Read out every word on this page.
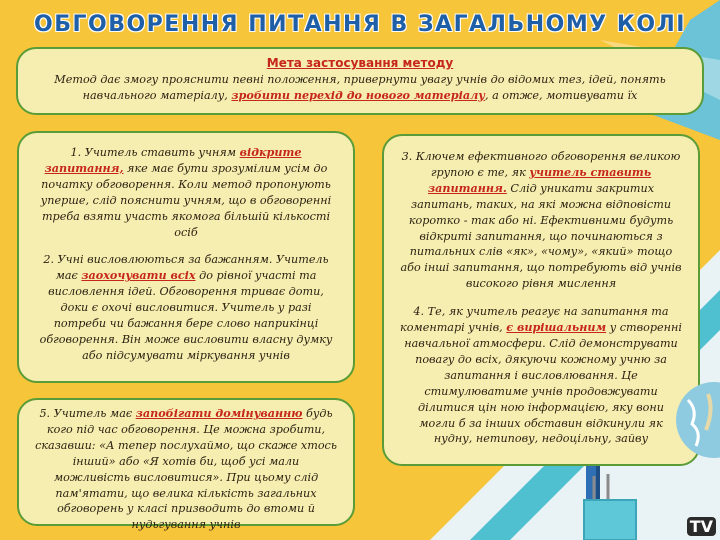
ОБГОВОРЕННЯ ПИТАННЯ В ЗАГАЛЬНОМУ КОЛІ
Мета застосування методу

Метод дає змогу прояснити певні положення, привернути увагу учнів до відомих тез, ідей, понять навчального матеріалу, зробити перехід до нового матеріалу, а отже, мотивувати їх

1. Учитель ставить учням відкрите запитання, яке має бути зрозумілим усім до початку обговорення. Коли метод пропонують уперше, слід пояснити учням, що в обговоренні треба взяти участь якомога більшій кількості осіб

2. Учні висловлюються за бажанням. Учитель має заохочувати всіх до рівної участі та висловлення ідей. Обговорення триває доти, доки є охочі висловитися. Учитель у разі потреби чи бажання бере слово наприкінці обговорення. Він може висловити власну думку або підсумувати міркування учнів

3. Ключем ефективного обговорення великою групою є те, як учитель ставить запитання. Слід уникати закритих запитань, таких, на які можна відповісти коротко - так або ні. Ефективними будуть відкриті запитання, що починаються з питальних слів «як», «чому», «який» тощо або інші запитання, що потребують від учнів високого рівня мислення

4. Те, як учитель реагує на запитання та коментарі учнів, є вирішальним у створенні навчальної атмосфери. Слід демонструвати повагу до всіх, дякуючи кожному учню за запитання і висловлювання. Це стимулюватиме учнів продовжувати ділитися цін ною інформацією, яку вони могли б за інших обставин відкинули як нудну, нетипову, недоцільну, зайву

5. Учитель має запобігати домінуванню будь кого під час обговорення. Це можна зробити, сказавши: «А тепер послухаймо, що скаже хтось інший» або «Я хотів би, щоб усі мали можливість висловитися». При цьому слід пам'ятати, що велика кількість загальних обговорень у класі призводить до втоми й нудьгування учнів	TV
